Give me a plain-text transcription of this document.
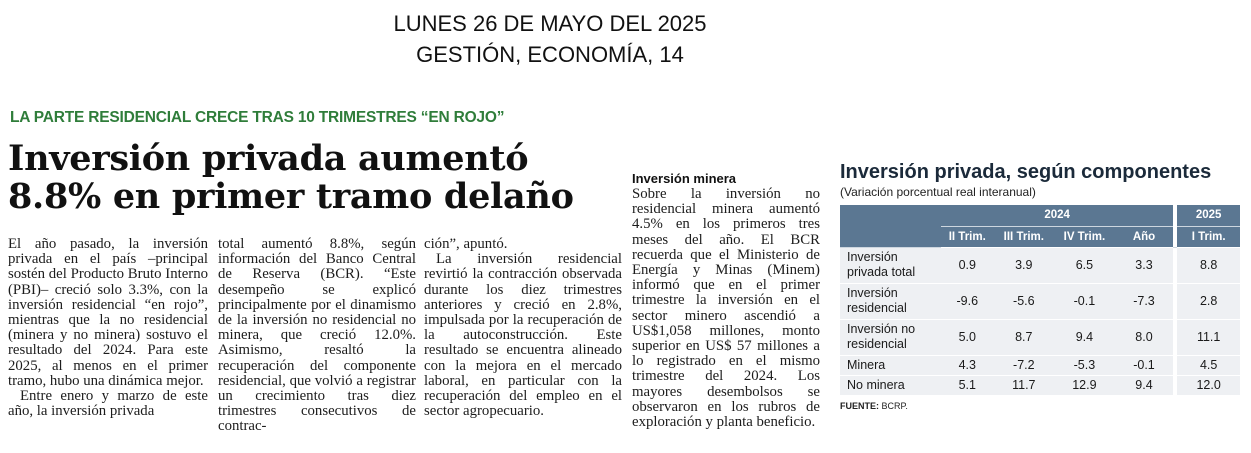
LUNES 26 DE MAYO DEL 2025
GESTIÓN, ECONOMÍA, 14
LA PARTE RESIDENCIAL CRECE TRAS 10 TRIMESTRES “EN ROJO”
Inversión privada aumentó
8.8% en primer tramo delaño

El año pasado, la inversión privada en el país –principal sostén del Producto Bruto Interno (PBI)– creció solo 3.3%, con la inversión residencial “en rojo”, mientras que la no residencial (minera y no minera) sostuvo el resultado del 2024. Para este 2025, al menos en el primer tramo, hubo una dinámica mejor.

Entre enero y marzo de este año, la inversión privada

total aumentó 8.8%, según información del Banco Central de Reserva (BCR). “Este desempeño se explicó principalmente por el dinamismo de la inversión no residencial no minera, que creció 12.0%. Asimismo, resaltó la recuperación del componente residencial, que volvió a registrar un crecimiento tras diez trimestres consecutivos de contrac-

ción”, apuntó.

La inversión residencial revirtió la contracción observada durante los diez trimestres anteriores y creció en 2.8%, impulsada por la recuperación de la autoconstrucción. Este resultado se encuentra alineado con la mejora en el mercado laboral, en particular con la recuperación del empleo en el sector agropecuario.

Inversión minera

Sobre la inversión no residencial minera aumentó 4.5% en los primeros tres meses del año. El BCR recuerda que el Ministerio de Energía y Minas (Minem) informó que en el primer trimestre la inversión en el sector minero ascendió a US$1,058 millones, monto superior en US$ 57 millones a lo registrado en el mismo trimestre del 2024. Los mayores desembolsos se observaron en los rubros de exploración y planta beneficio.

Inversión privada, según componentes
(Variación porcentual real interanual)
	2024					2025
	II Trim.	III Trim.	IV Trim.	Año		I Trim.
Inversión privada total	0.9	3.9	6.5	3.3		8.8
Inversión residencial	-9.6	-5.6	-0.1	-7.3		2.8
Inversión no residencial	5.0	8.7	9.4	8.0		11.1
Minera	4.3	-7.2	-5.3	-0.1		4.5
No minera	5.1	11.7	12.9	9.4		12.0
FUENTE: BCRP.
